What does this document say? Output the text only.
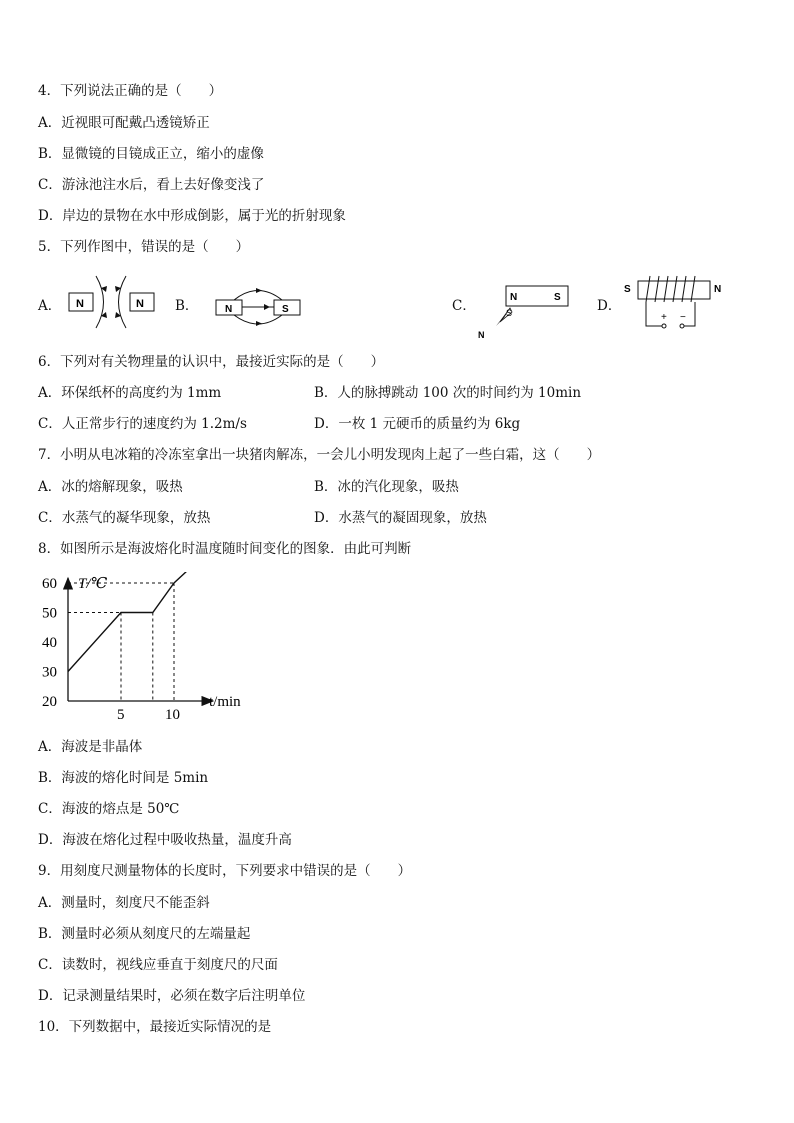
4．下列说法正确的是（　　）
A．近视眼可配戴凸透镜矫正
B．显微镜的目镜成正立，缩小的虚像
C．游泳池注水后，看上去好像变浅了
D．岸边的景物在水中形成倒影，属于光的折射现象
5．下列作图中，错误的是（　　）
A．	B．	C．	D．
N	N	N	S
N	S
S
N
S	N
+ −
6．下列对有关物理量的认识中，最接近实际的是（　　）
A．环保纸杯的高度约为 1mm	B．人的脉搏跳动 100 次的时间约为 10min
C．人正常步行的速度约为 1.2m/s	D．一枚 1 元硬币的质量约为 6kg
7．小明从电冰箱的冷冻室拿出一块猪肉解冻，一会儿小明发现肉上起了一些白霜，这（　　）
A．冰的熔解现象，吸热	B．冰的汽化现象，吸热
C．水蒸气的凝华现象，放热	D．水蒸气的凝固现象，放热
8．如图所示是海波熔化时温度随时间变化的图象．由此可判断
20
30
40
50
60
5	10
T/℃
t/min
A．海波是非晶体
B．海波的熔化时间是 5min
C．海波的熔点是 50℃
D．海波在熔化过程中吸收热量，温度升高
9．用刻度尺测量物体的长度时，下列要求中错误的是（　　）
A．测量时，刻度尺不能歪斜
B．测量时必须从刻度尺的左端量起
C．读数时，视线应垂直于刻度尺的尺面
D．记录测量结果时，必须在数字后注明单位
10．下列数据中，最接近实际情况的是
